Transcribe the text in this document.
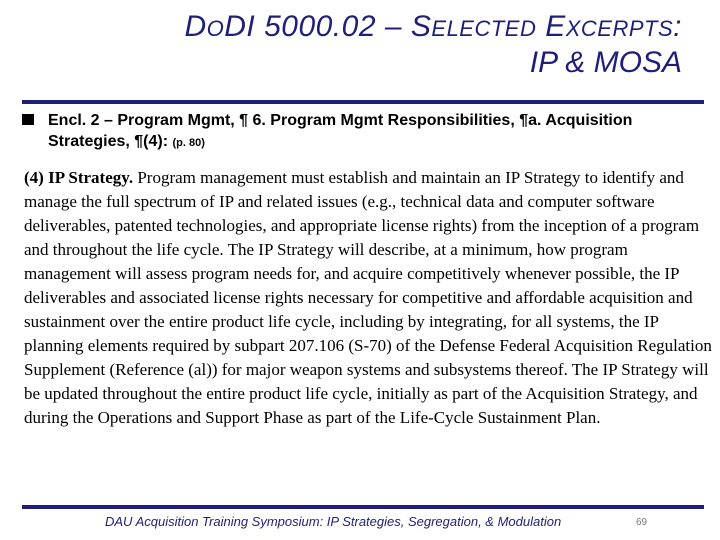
DODI 5000.02 – SELECTED EXCERPTS:
IP & MOSA
Encl. 2 – Program Mgmt, ¶ 6. Program Mgmt Responsibilities, ¶a. Acquisition Strategies, ¶(4): (p. 80)
(4) IP Strategy. Program management must establish and maintain an IP Strategy to identify and manage the full spectrum of IP and related issues (e.g., technical data and computer software deliverables, patented technologies, and appropriate license rights) from the inception of a program and throughout the life cycle. The IP Strategy will describe, at a minimum, how program management will assess program needs for, and acquire competitively whenever possible, the IP deliverables and associated license rights necessary for competitive and affordable acquisition and sustainment over the entire product life cycle, including by integrating, for all systems, the IP planning elements required by subpart 207.106 (S-70) of the Defense Federal Acquisition Regulation Supplement (Reference (al)) for major weapon systems and subsystems thereof. The IP Strategy will be updated throughout the entire product life cycle, initially as part of the Acquisition Strategy, and during the Operations and Support Phase as part of the Life-Cycle Sustainment Plan.
DAU Acquisition Training Symposium: IP Strategies, Segregation, & Modulation	69
